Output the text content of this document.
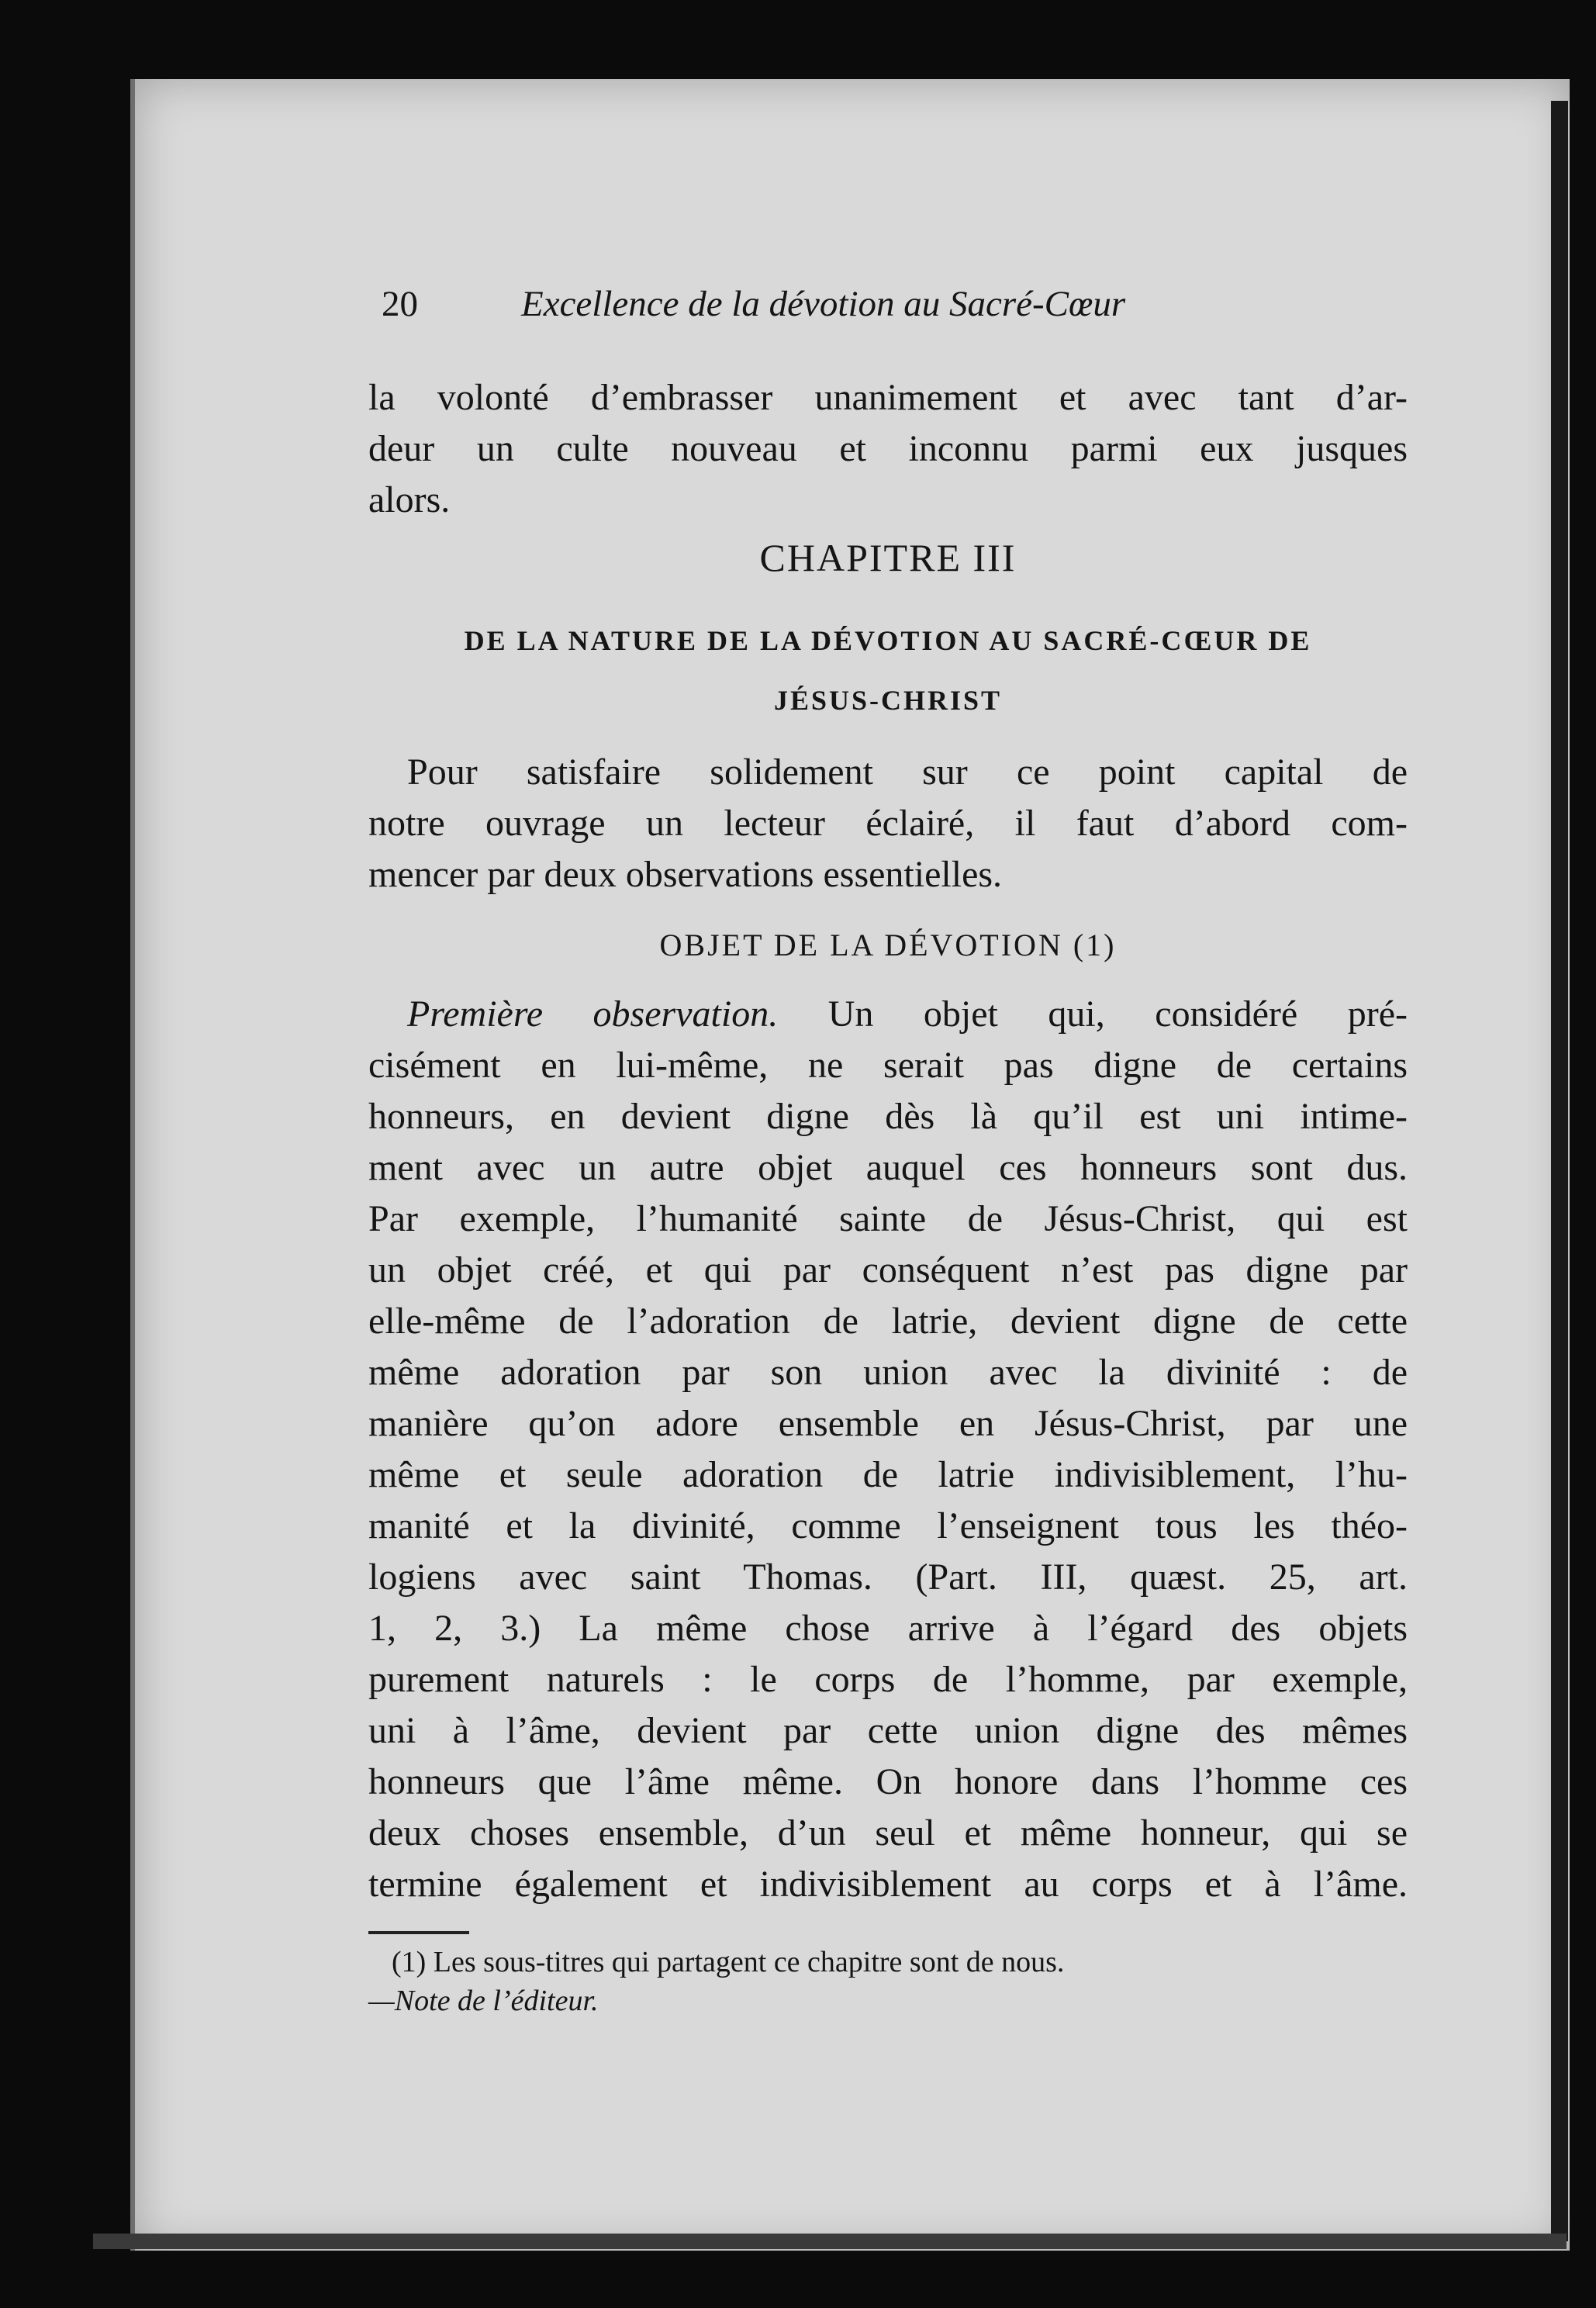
20	Excellence de la dévotion au Sacré-Cœur
la volonté d’embrasser unanimement et avec tant d’ar-
deur un culte nouveau et inconnu parmi eux jusques
alors.
CHAPITRE III
DE LA NATURE DE LA DÉVOTION AU SACRÉ-CŒUR DE
JÉSUS-CHRIST
Pour satisfaire solidement sur ce point capital de
notre ouvrage un lecteur éclairé, il faut d’abord com-
mencer par deux observations essentielles.
OBJET DE LA DÉVOTION (1)
Première observation. Un objet qui, considéré pré-
cisément en lui-même, ne serait pas digne de certains
honneurs, en devient digne dès là qu’il est uni intime-
ment avec un autre objet auquel ces honneurs sont dus.
Par exemple, l’humanité sainte de Jésus-Christ, qui est
un objet créé, et qui par conséquent n’est pas digne par
elle-même de l’adoration de latrie, devient digne de cette
même adoration par son union avec la divinité : de
manière qu’on adore ensemble en Jésus-Christ, par une
même et seule adoration de latrie indivisiblement, l’hu-
manité et la divinité, comme l’enseignent tous les théo-
logiens avec saint Thomas. (Part. III, quæst. 25, art.
1, 2, 3.) La même chose arrive à l’égard des objets
purement naturels : le corps de l’homme, par exemple,
uni à l’âme, devient par cette union digne des mêmes
honneurs que l’âme même. On honore dans l’homme ces
deux choses ensemble, d’un seul et même honneur, qui se
termine également et indivisiblement au corps et à l’âme.
(1) Les sous-titres qui partagent ce chapitre sont de nous.
—Note de l’éditeur.
